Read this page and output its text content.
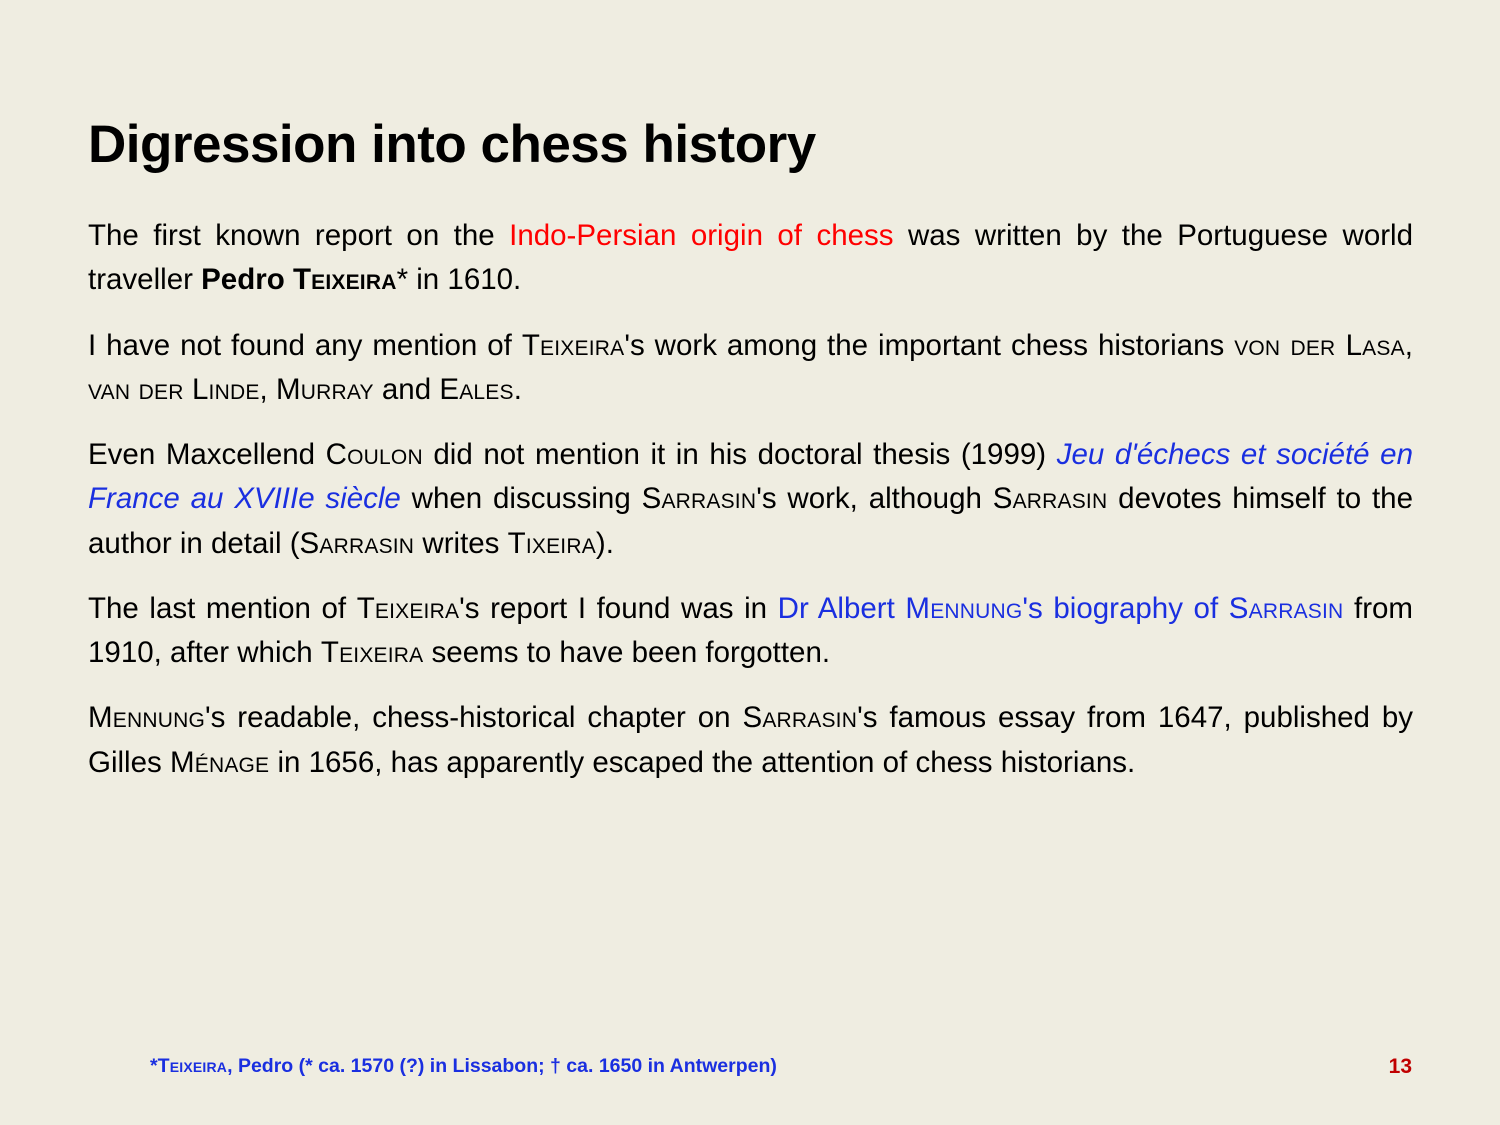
Digression into chess history

The first known report on the Indo-Persian origin of chess was written by the Portuguese world traveller Pedro Teixeira* in 1610.

I have not found any mention of Teixeira's work among the important chess historians von der Lasa, van der Linde, Murray and Eales.

Even Maxcellend Coulon did not mention it in his doctoral thesis (1999) Jeu d'échecs et société en France au XVIIIe siècle when discussing Sarrasin's work, although Sarrasin devotes himself to the author in detail (Sarrasin writes Tixeira).

The last mention of Teixeira's report I found was in Dr Albert Mennung's biography of Sarrasin from 1910, after which Teixeira seems to have been forgotten.

Mennung's readable, chess-historical chapter on Sarrasin's famous essay from 1647, published by Gilles Ménage in 1656, has apparently escaped the attention of chess historians.

*Teixeira, Pedro (* ca. 1570 (?) in Lissabon; † ca. 1650 in Antwerpen)	13
